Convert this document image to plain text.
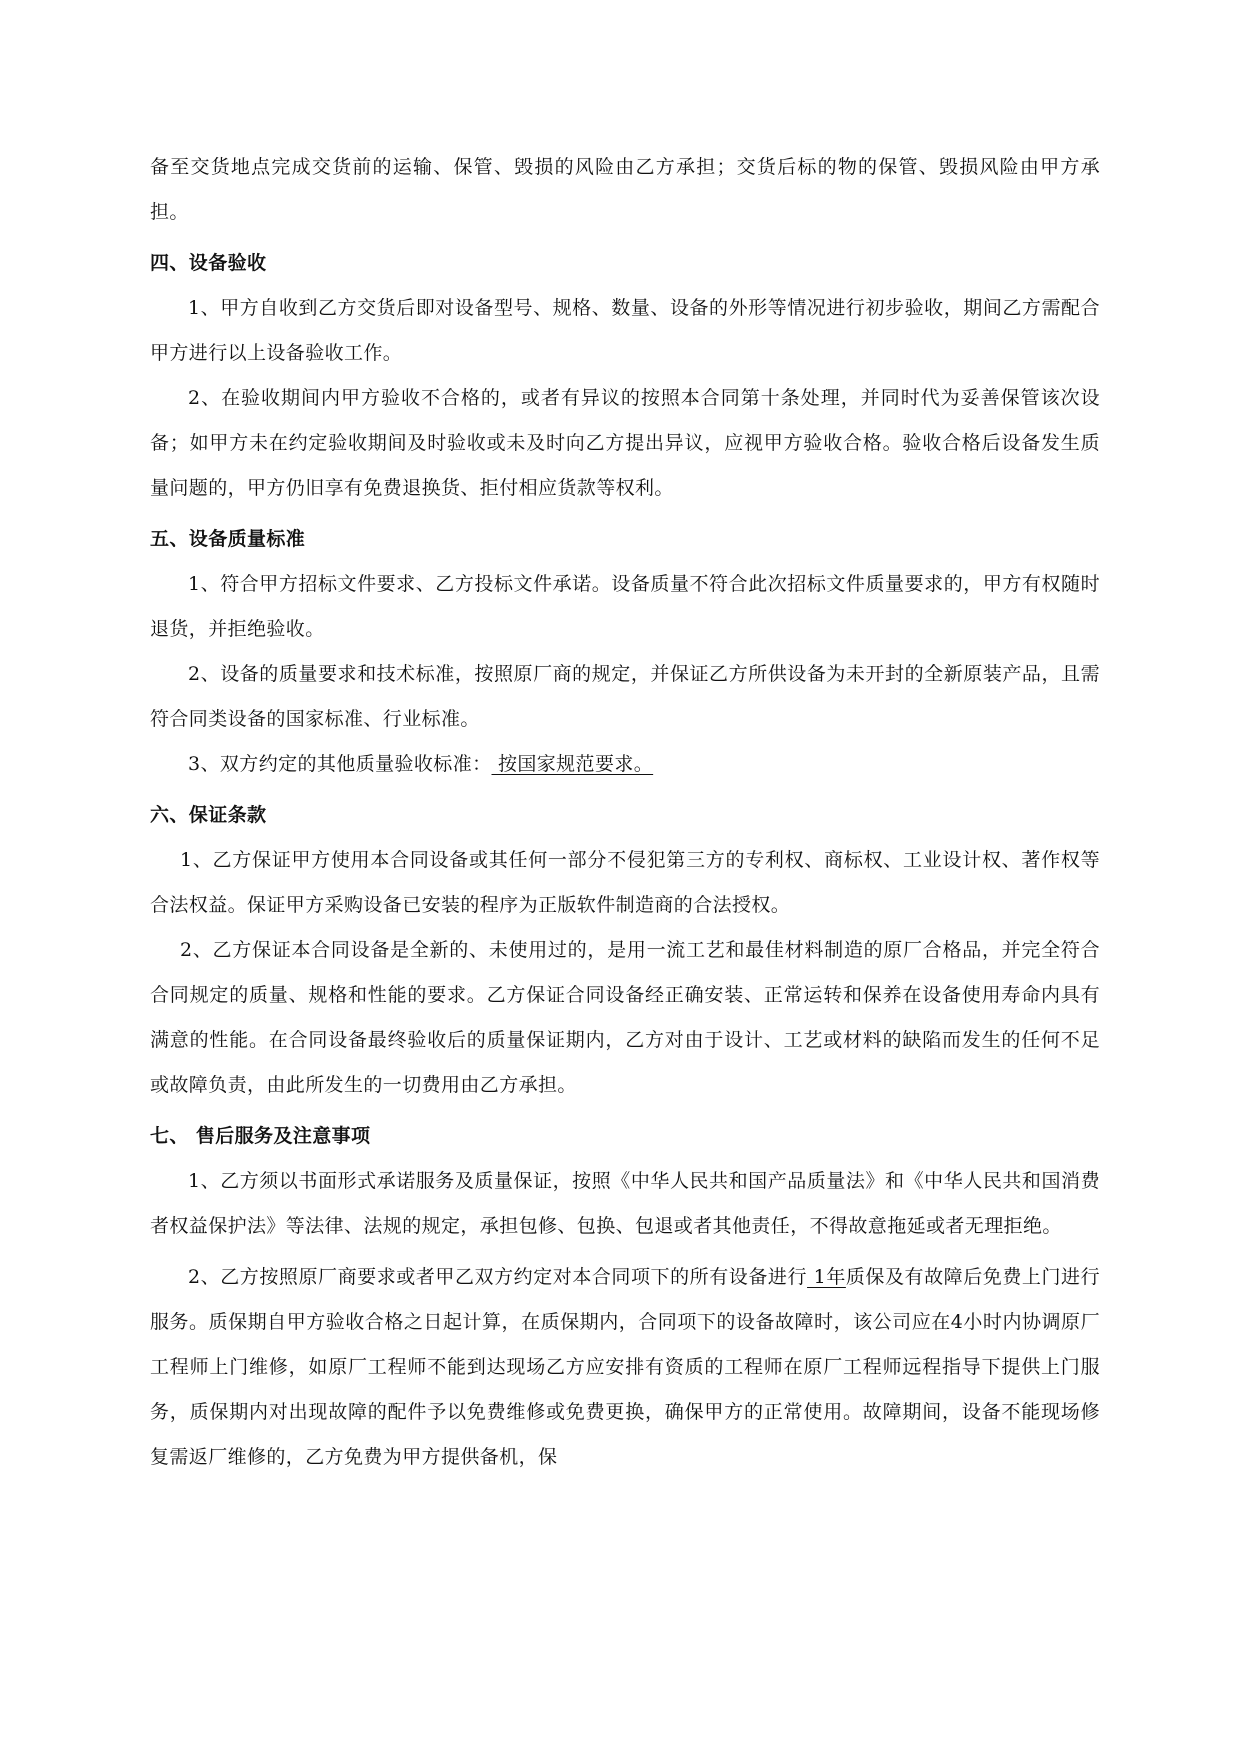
备至交货地点完成交货前的运输、保管、毁损的风险由乙方承担；交货后标的物的保管、毁损风险由甲方承担。

四、设备验收

1、甲方自收到乙方交货后即对设备型号、规格、数量、设备的外形等情况进行初步验收，期间乙方需配合甲方进行以上设备验收工作。

2、在验收期间内甲方验收不合格的，或者有异议的按照本合同第十条处理，并同时代为妥善保管该次设备；如甲方未在约定验收期间及时验收或未及时向乙方提出异议，应视甲方验收合格。验收合格后设备发生质量问题的，甲方仍旧享有免费退换货、拒付相应货款等权利。

五、设备质量标准

1、符合甲方招标文件要求、乙方投标文件承诺。设备质量不符合此次招标文件质量要求的，甲方有权随时退货，并拒绝验收。

2、设备的质量要求和技术标准，按照原厂商的规定，并保证乙方所供设备为未开封的全新原装产品，且需符合同类设备的国家标准、行业标准。

3、双方约定的其他质量验收标准： 按国家规范要求。

六、保证条款

1、乙方保证甲方使用本合同设备或其任何一部分不侵犯第三方的专利权、商标权、工业设计权、著作权等合法权益。保证甲方采购设备已安装的程序为正版软件制造商的合法授权。

2、乙方保证本合同设备是全新的、未使用过的，是用一流工艺和最佳材料制造的原厂合格品，并完全符合合同规定的质量、规格和性能的要求。乙方保证合同设备经正确安装、正常运转和保养在设备使用寿命内具有满意的性能。在合同设备最终验收后的质量保证期内，乙方对由于设计、工艺或材料的缺陷而发生的任何不足或故障负责，由此所发生的一切费用由乙方承担。

七、 售后服务及注意事项

1、乙方须以书面形式承诺服务及质量保证，按照《中华人民共和国产品质量法》和《中华人民共和国消费者权益保护法》等法律、法规的规定，承担包修、包换、包退或者其他责任，不得故意拖延或者无理拒绝。

2、乙方按照原厂商要求或者甲乙双方约定对本合同项下的所有设备进行 1年质保及有故障后免费上门进行服务。质保期自甲方验收合格之日起计算，在质保期内，合同项下的设备故障时，该公司应在4小时内协调原厂工程师上门维修，如原厂工程师不能到达现场乙方应安排有资质的工程师在原厂工程师远程指导下提供上门服务，质保期内对出现故障的配件予以免费维修或免费更换，确保甲方的正常使用。故障期间，设备不能现场修复需返厂维修的，乙方免费为甲方提供备机，保
